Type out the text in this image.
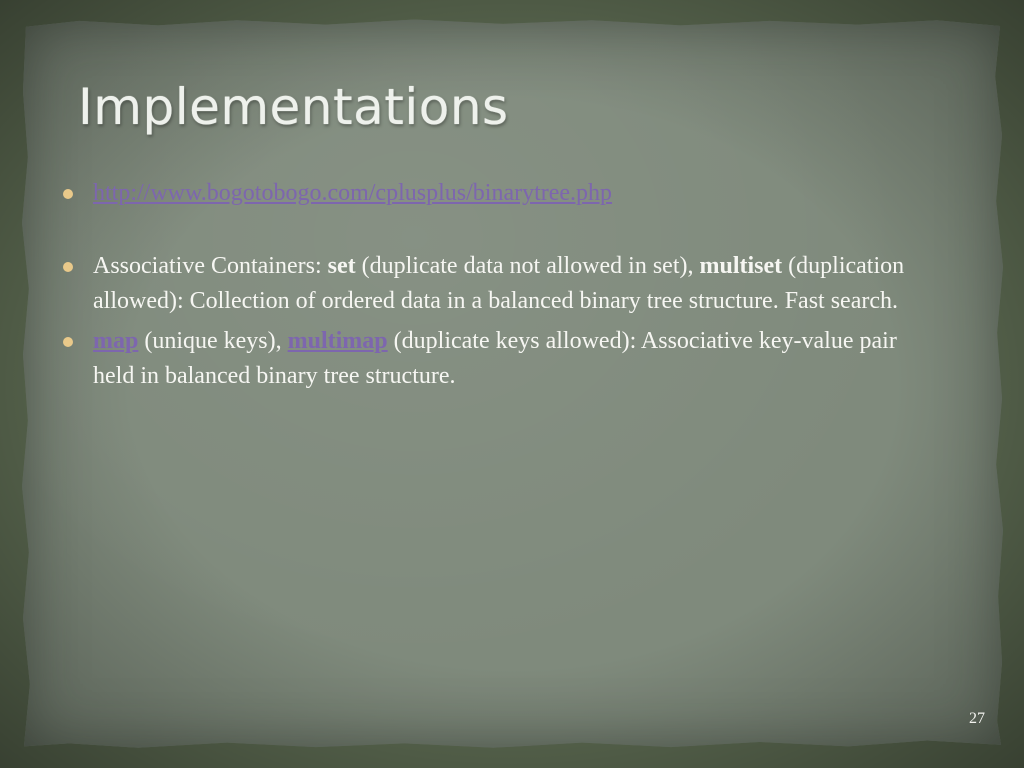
Implementations
http://www.bogotobogo.com/cplusplus/binarytree.php
Associative Containers: set (duplicate data not allowed in set), multiset (duplication allowed): Collection of ordered data in a balanced binary tree structure. Fast search.
map (unique keys), multimap (duplicate keys allowed): Associative key-value pair held in balanced binary tree structure.
27
